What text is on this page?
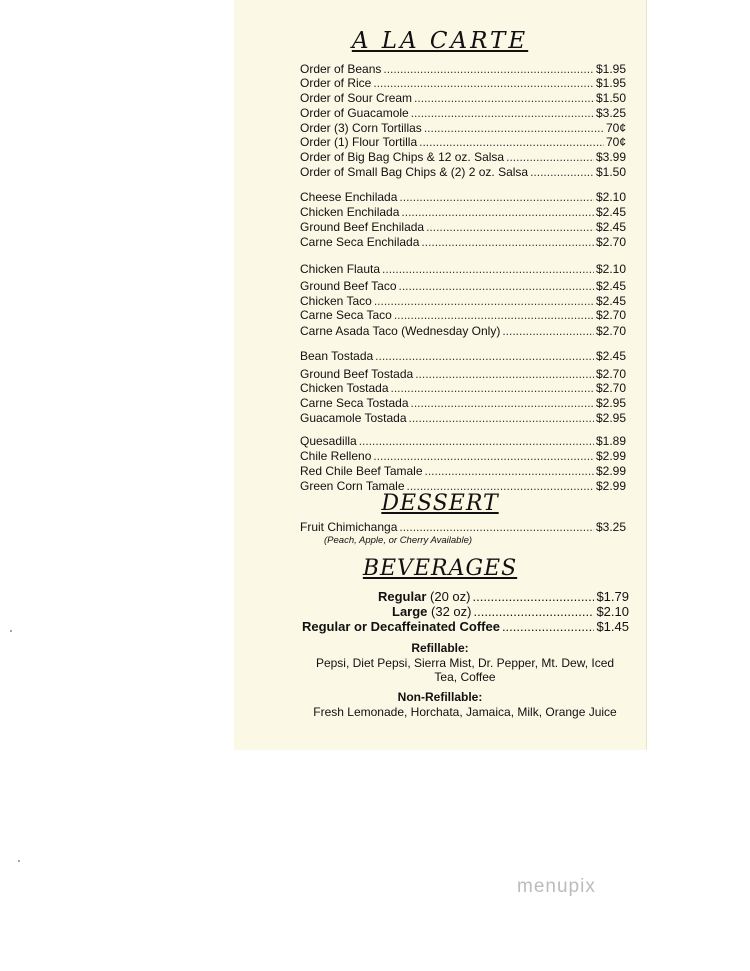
A LA CARTE
Order of Beans .....	$1.95
Order of Rice .....	$1.95
Order of Sour Cream .....	$1.50
Order of Guacamole .....	$3.25
Order (3) Corn Tortillas .....	70¢
Order (1) Flour Tortilla .....	70¢
Order of Big Bag Chips & 12 oz. Salsa .....	$3.99
Order of Small Bag Chips & (2) 2 oz. Salsa .....	$1.50
Cheese Enchilada .....	$2.10
Chicken Enchilada .....	$2.45
Ground Beef Enchilada .....	$2.45
Carne Seca Enchilada .....	$2.70
Chicken Flauta .....	$2.10
Ground Beef Taco .....	$2.45
Chicken Taco .....	$2.45
Carne Seca Taco .....	$2.70
Carne Asada Taco (Wednesday Only) .....	$2.70
Bean Tostada .....	$2.45
Ground Beef Tostada .....	$2.70
Chicken Tostada .....	$2.70
Carne Seca Tostada .....	$2.95
Guacamole Tostada .....	$2.95
Quesadilla .....	$1.89
Chile Relleno .....	$2.99
Red Chile Beef Tamale .....	$2.99
Green Corn Tamale .....	$2.99
DESSERT
Fruit Chimichanga .....	$3.25
(Peach, Apple, or Cherry Available)
BEVERAGES
Regular
(20 oz) .....	$1.79
Large
(32 oz) .....	$2.10
Regular or Decaffeinated Coffee .....	$1.45
Refillable:
Pepsi, Diet Pepsi, Sierra Mist, Dr. Pepper, Mt. Dew, Iced Tea, Coffee
Non-Refillable:
Fresh Lemonade, Horchata, Jamaica, Milk, Orange Juice
menupix
